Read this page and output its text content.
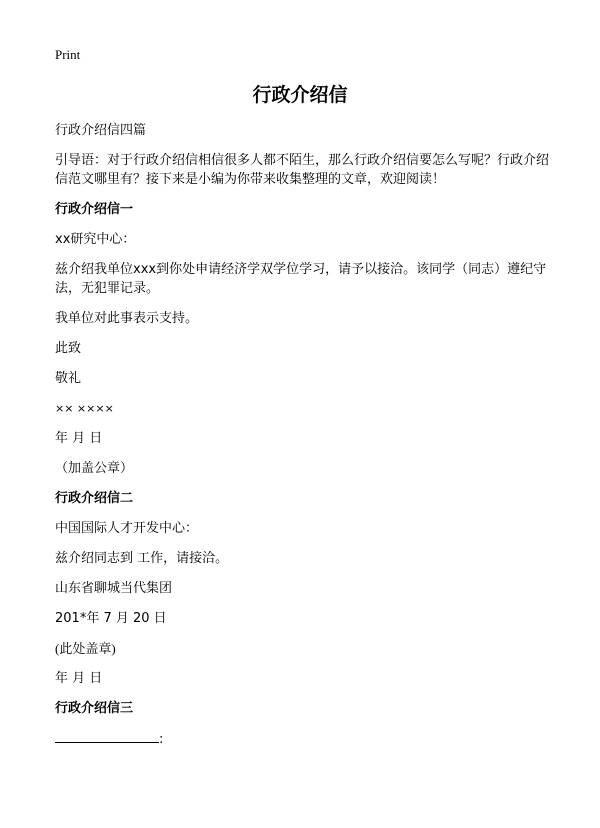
Print
行政介绍信

行政介绍信四篇

引导语：对于行政介绍信相信很多人都不陌生，那么行政介绍信要怎么写呢？行政介绍信范文哪里有？接下来是小编为你带来收集整理的文章，欢迎阅读！

行政介绍信一

xx研究中心：

兹介绍我单位xxx到你处申请经济学双学位学习，请予以接洽。该同学（同志）遵纪守法，无犯罪记录。

我单位对此事表示支持。

此致

敬礼

×× ××××

年 月 日

（加盖公章）

行政介绍信二

中国国际人才开发中心：

兹介绍同志到 工作，请接洽。

山东省聊城当代集团

201*年 7 月 20 日

(此处盖章)

年 月 日

行政介绍信三

:
